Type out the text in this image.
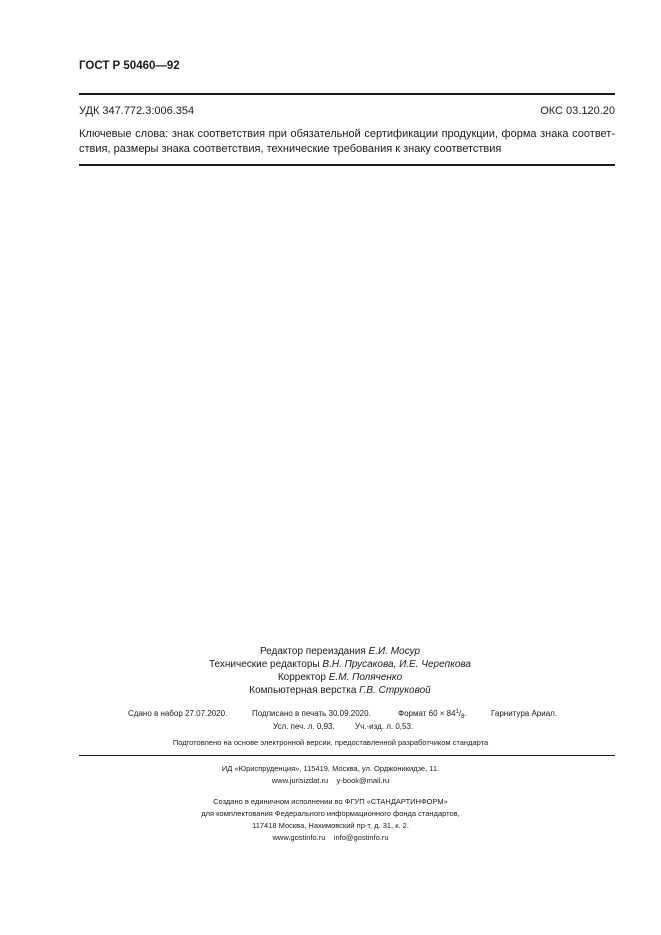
ГОСТ Р 50460—92
УДК 347.772.3:006.354	ОКС 03.120.20
Ключевые слова: знак соответствия при обязательной сертификации продукции, форма знака соответ-ствия, размеры знака соответствия, технические требования к знаку соответствия
Редактор переиздания Е.И. Мосур
Технические редакторы В.Н. Прусакова, И.Е. Черепкова
Корректор Е.М. Поляченко
Компьютерная верстка Г.В. Струковой
Сдано в набор 27.07.2020.	Подписано в печать 30.09.2020.	Формат $60 \times 84^1/_8$.	Гарнитура Ариал.
Усл. печ. л. 0,93.	Уч.-изд. л. 0,53.
Подготовлено на основе электронной версии, предоставленной разработчиком стандарта
ИД «Юриспруденция», 115419, Москва, ул. Орджоникидзе, 11.
www.jurisizdat.ru y-book@mail.ru
Создано в единичном исполнении во ФГУП «СТАНДАРТИНФОРМ»
для комплектования Федерального информационного фонда стандартов,
117418 Москва, Нахимовский пр-т, д. 31, к. 2.
www.gostinfo.ru info@gostinfo.ru
